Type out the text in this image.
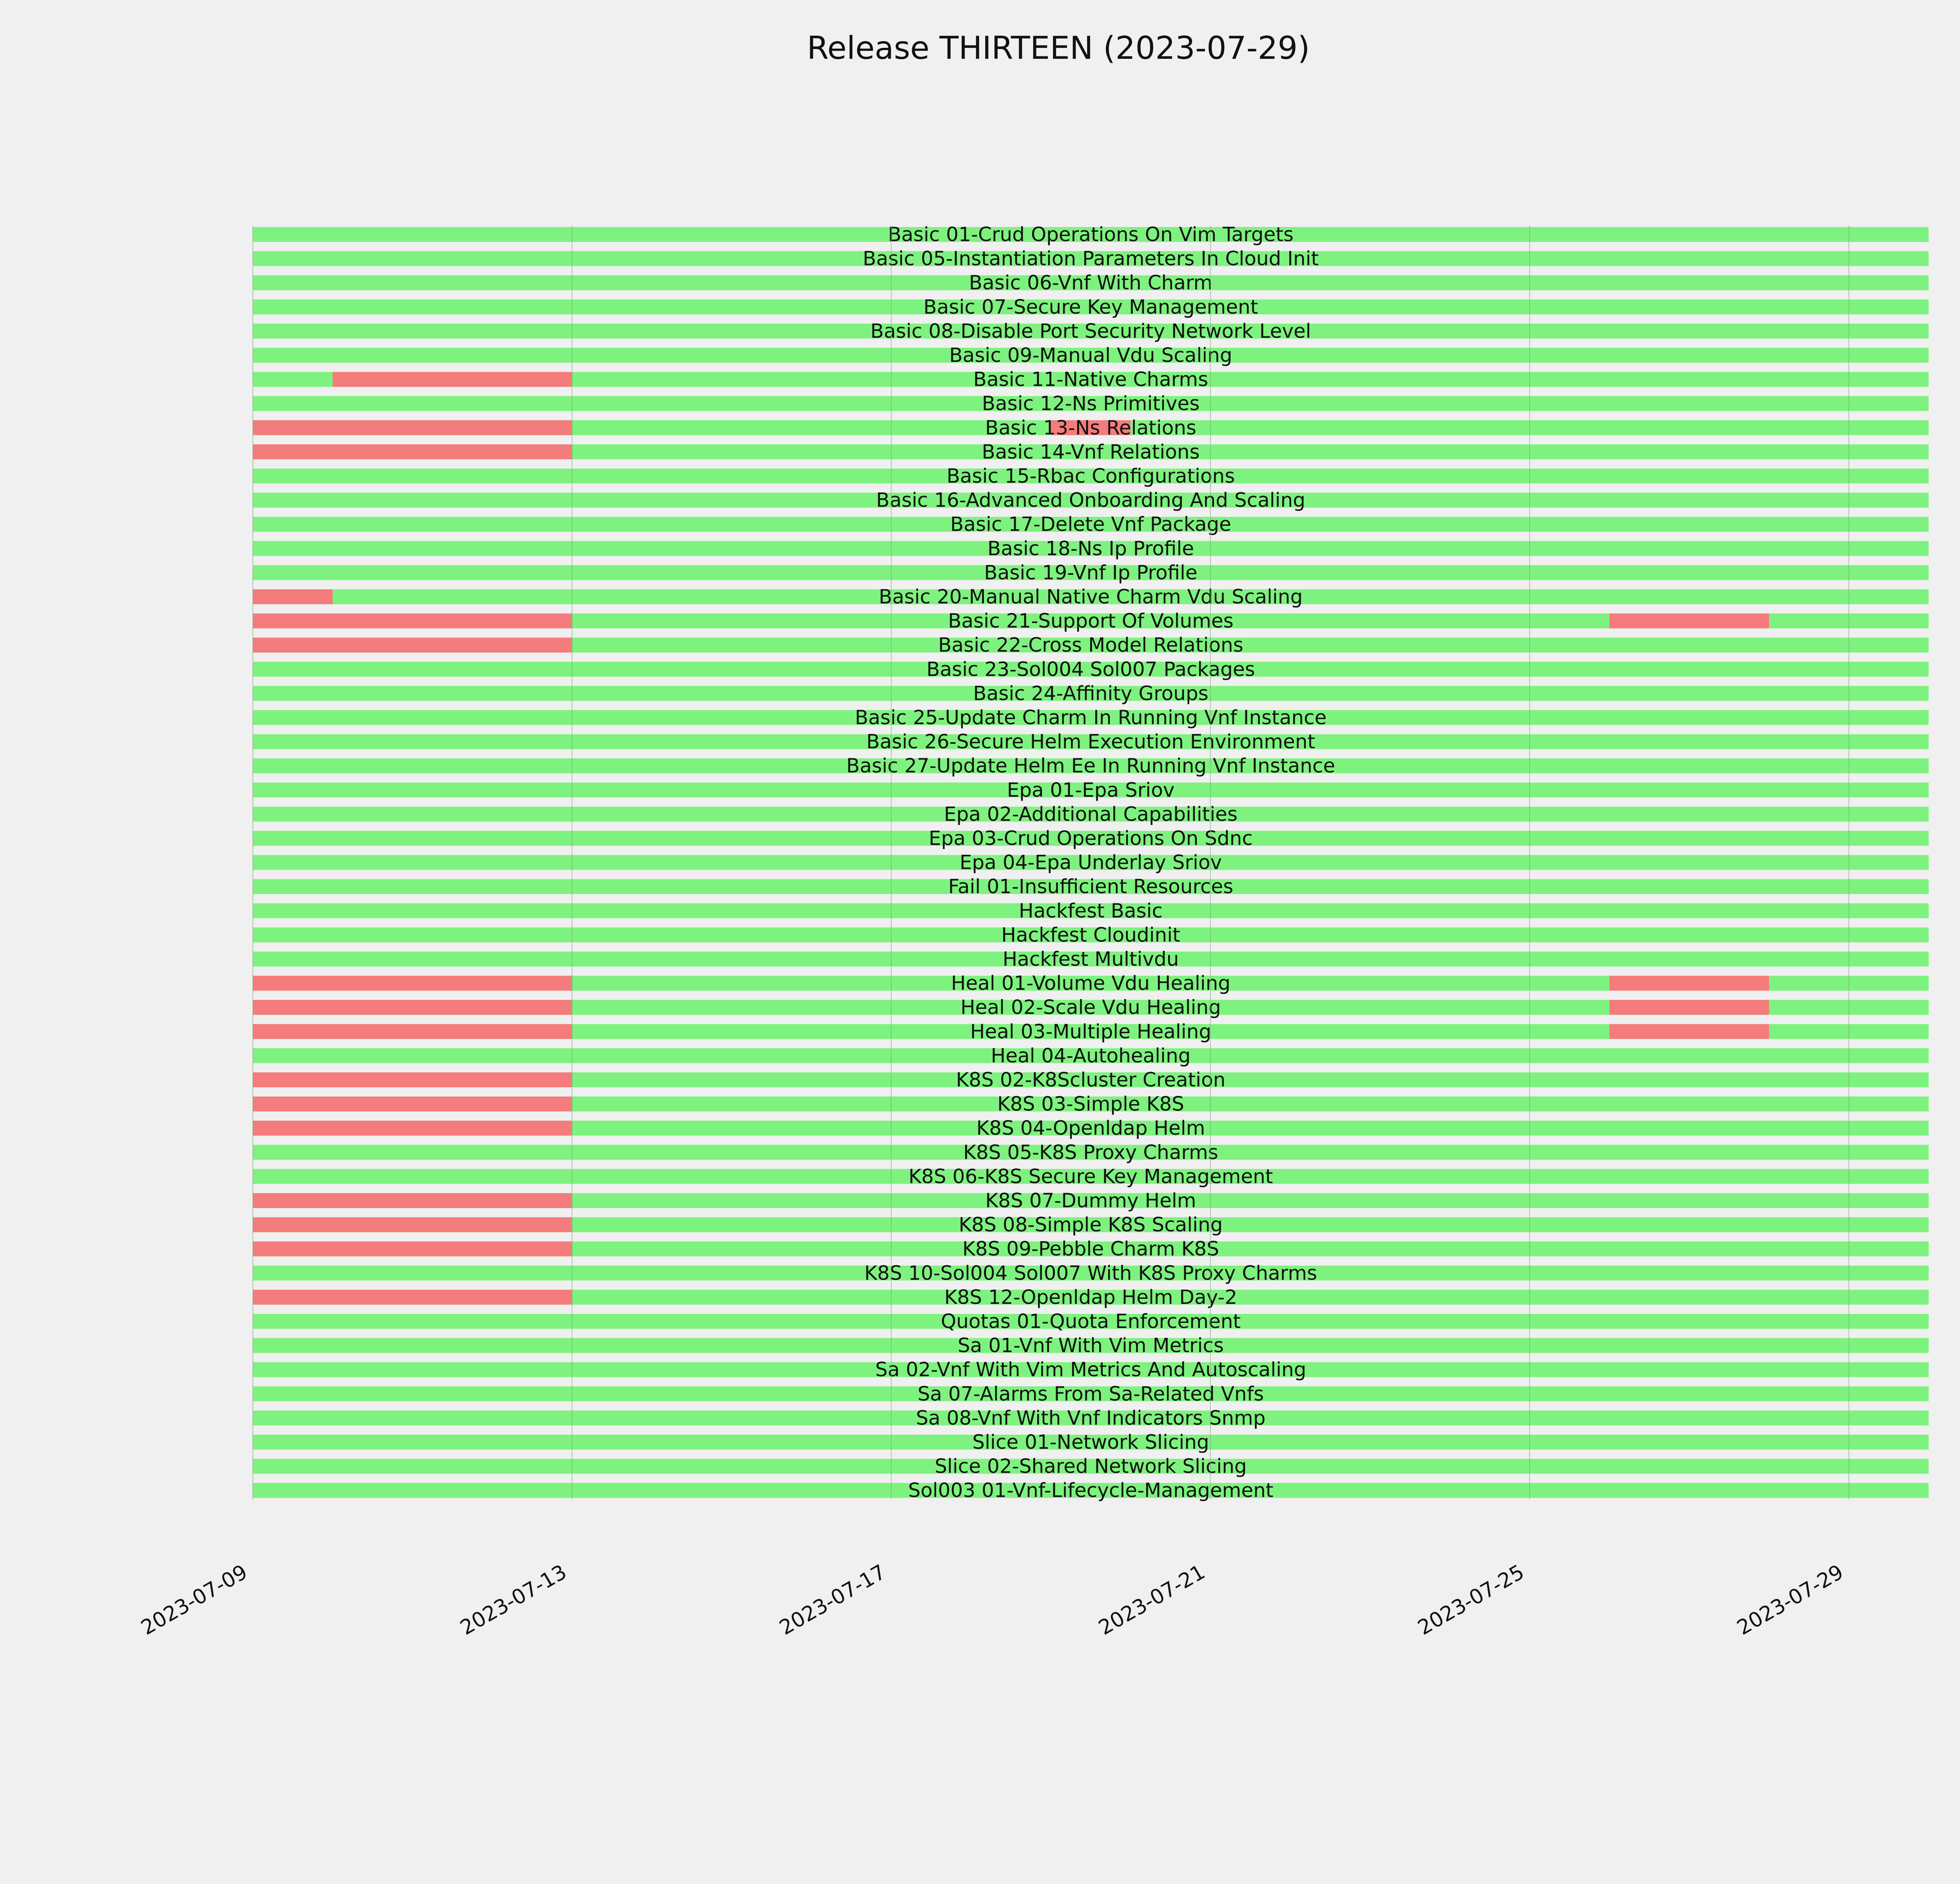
Release THIRTEEN (2023-07-29)
Basic 01-Crud Operations On Vim Targets
Basic 05-Instantiation Parameters In Cloud Init
Basic 06-Vnf With Charm
Basic 07-Secure Key Management
Basic 08-Disable Port Security Network Level
Basic 09-Manual Vdu Scaling
Basic 11-Native Charms
Basic 12-Ns Primitives
Basic 13-Ns Relations
Basic 14-Vnf Relations
Basic 15-Rbac Configurations
Basic 16-Advanced Onboarding And Scaling
Basic 17-Delete Vnf Package
Basic 18-Ns Ip Profile
Basic 19-Vnf Ip Profile
Basic 20-Manual Native Charm Vdu Scaling
Basic 21-Support Of Volumes
Basic 22-Cross Model Relations
Basic 23-Sol004 Sol007 Packages
Basic 24-Affinity Groups
Basic 25-Update Charm In Running Vnf Instance
Basic 26-Secure Helm Execution Environment
Basic 27-Update Helm Ee In Running Vnf Instance
Epa 01-Epa Sriov
Epa 02-Additional Capabilities
Epa 03-Crud Operations On Sdnc
Epa 04-Epa Underlay Sriov
Fail 01-Insufficient Resources
Hackfest Basic
Hackfest Cloudinit
Hackfest Multivdu
Heal 01-Volume Vdu Healing
Heal 02-Scale Vdu Healing
Heal 03-Multiple Healing
Heal 04-Autohealing
K8S 02-K8Scluster Creation
K8S 03-Simple K8S
K8S 04-Openldap Helm
K8S 05-K8S Proxy Charms
K8S 06-K8S Secure Key Management
K8S 07-Dummy Helm
K8S 08-Simple K8S Scaling
K8S 09-Pebble Charm K8S
K8S 10-Sol004 Sol007 With K8S Proxy Charms
K8S 12-Openldap Helm Day-2
Quotas 01-Quota Enforcement
Sa 01-Vnf With Vim Metrics
Sa 02-Vnf With Vim Metrics And Autoscaling
Sa 07-Alarms From Sa-Related Vnfs
Sa 08-Vnf With Vnf Indicators Snmp
Slice 01-Network Slicing
Slice 02-Shared Network Slicing
Sol003 01-Vnf-Lifecycle-Management
2023-07-09	2023-07-13	2023-07-17	2023-07-21	2023-07-25	2023-07-29
